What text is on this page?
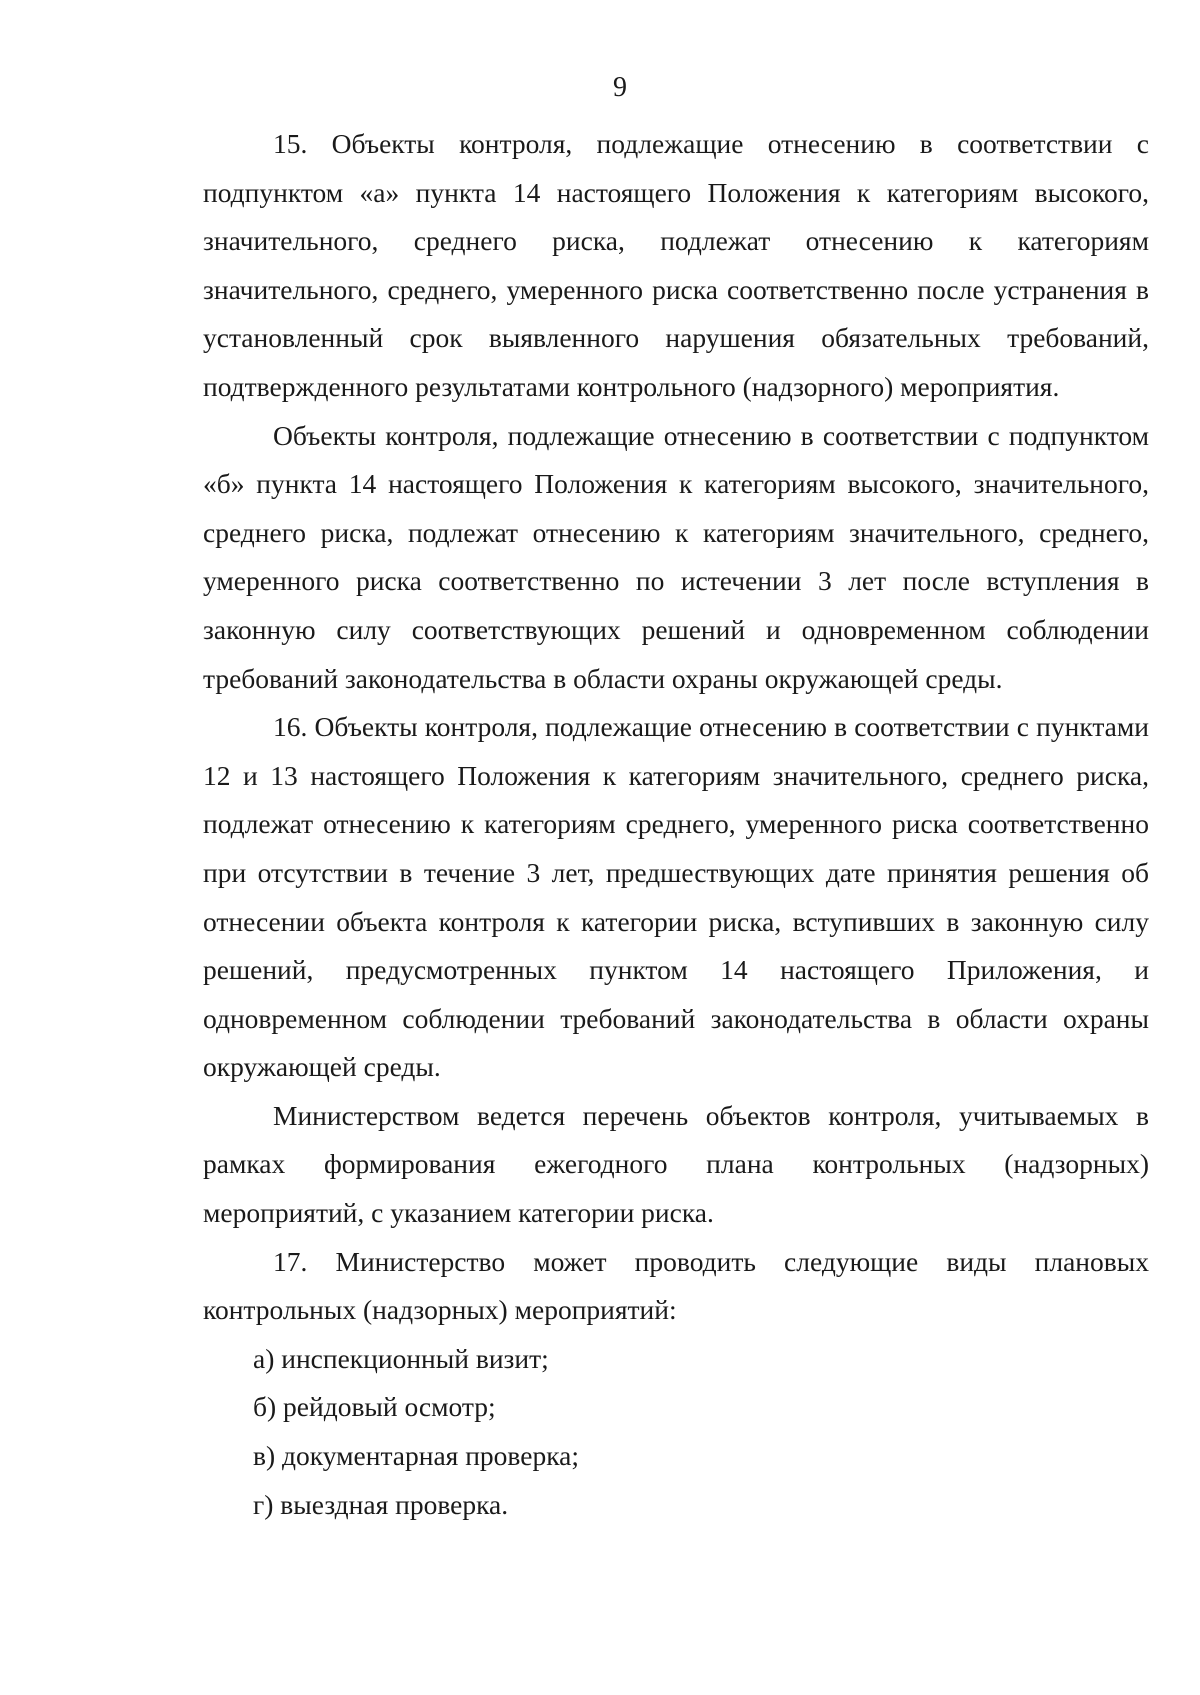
9

15. Объекты контроля, подлежащие отнесению в соответствии с подпунктом «а» пункта 14 настоящего Положения к категориям высокого, значительного, среднего риска, подлежат отнесению к категориям значительного, среднего, умеренного риска соответственно после устранения в установленный срок выявленного нарушения обязательных требований, подтвержденного результатами контрольного (надзорного) мероприятия.

Объекты контроля, подлежащие отнесению в соответствии с подпунктом «б» пункта 14 настоящего Положения к категориям высокого, значительного, среднего риска, подлежат отнесению к категориям значительного, среднего, умеренного риска соответственно по истечении 3 лет после вступления в законную силу соответствующих решений и одновременном соблюдении требований законодательства в области охраны окружающей среды.

16. Объекты контроля, подлежащие отнесению в соответствии с пунктами 12 и 13 настоящего Положения к категориям значительного, среднего риска, подлежат отнесению к категориям среднего, умеренного риска соответственно при отсутствии в течение 3 лет, предшествующих дате принятия решения об отнесении объекта контроля к категории риска, вступивших в законную силу решений, предусмотренных пунктом 14 настоящего Приложения, и одновременном соблюдении требований законодательства в области охраны окружающей среды.

Министерством ведется перечень объектов контроля, учитываемых в рамках формирования ежегодного плана контрольных (надзорных) мероприятий, с указанием категории риска.

17. Министерство может проводить следующие виды плановых контрольных (надзорных) мероприятий:

а) инспекционный визит;

б) рейдовый осмотр;

в) документарная проверка;

г) выездная проверка.
